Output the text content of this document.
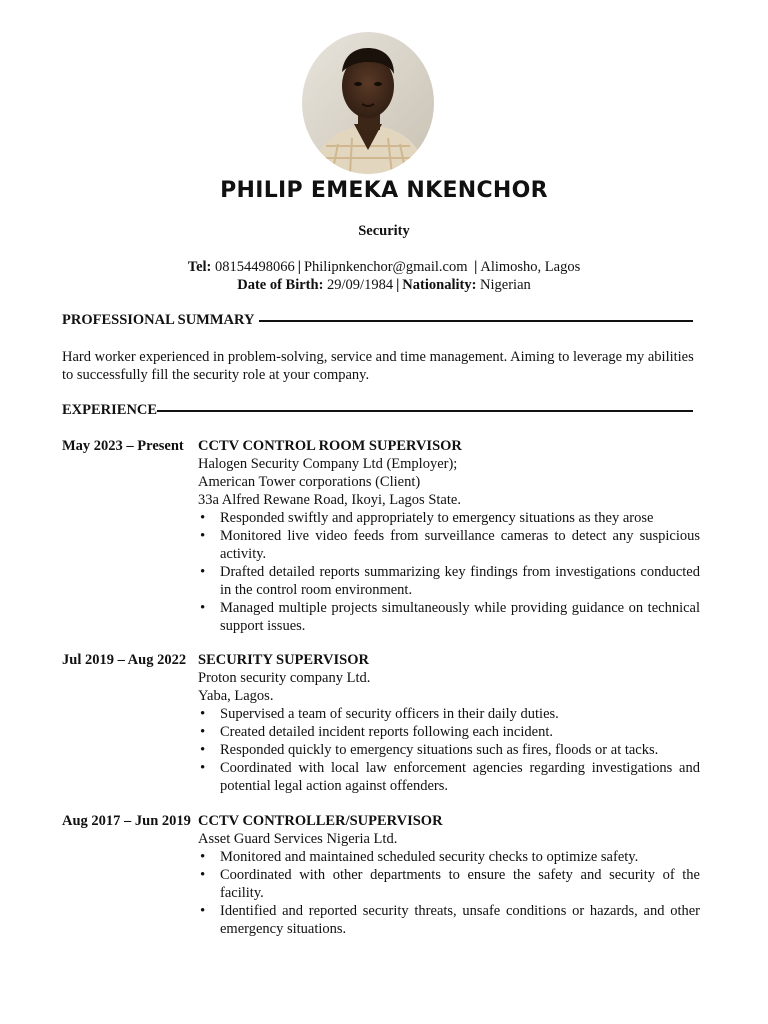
PHILIP EMEKA NKENCHOR
Security
Tel: 08154498066 | Philipnkenchor@gmail.com | Alimosho, Lagos
Date of Birth: 29/09/1984 | Nationality: Nigerian
PROFESSIONAL SUMMARY
Hard worker experienced in problem-solving, service and time management. Aiming to leverage my abilities to successfully fill the security role at your company.
EXPERIENCE
May 2023 – Present CCTV CONTROL ROOM SUPERVISOR
Halogen Security Company Ltd (Employer);
American Tower corporations (Client)
33a Alfred Rewane Road, Ikoyi, Lagos State.
• Responded swiftly and appropriately to emergency situations as they arose
• Monitored live video feeds from surveillance cameras to detect any suspicious activity.
• Drafted detailed reports summarizing key findings from investigations conducted in the control room environment.
• Managed multiple projects simultaneously while providing guidance on technical support issues.
Jul 2019 – Aug 2022 SECURITY SUPERVISOR
Proton security company Ltd.
Yaba, Lagos.
• Supervised a team of security officers in their daily duties.
• Created detailed incident reports following each incident.
• Responded quickly to emergency situations such as fires, floods or at tacks.
• Coordinated with local law enforcement agencies regarding investigations and potential legal action against offenders.
Aug 2017 – Jun 2019 CCTV CONTROLLER/SUPERVISOR
Asset Guard Services Nigeria Ltd.
• Monitored and maintained scheduled security checks to optimize safety.
• Coordinated with other departments to ensure the safety and security of the facility.
• Identified and reported security threats, unsafe conditions or hazards, and other emergency situations.
